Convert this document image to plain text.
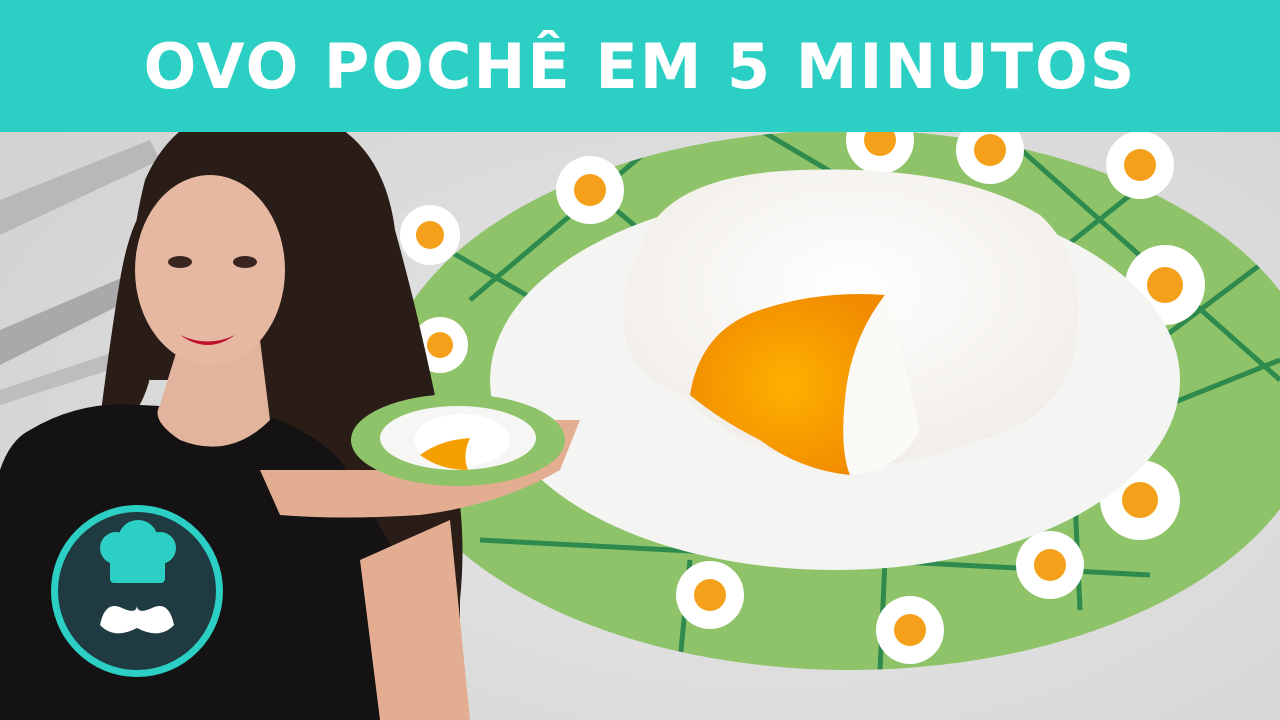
OVO POCHÊ EM 5 MINUTOS
